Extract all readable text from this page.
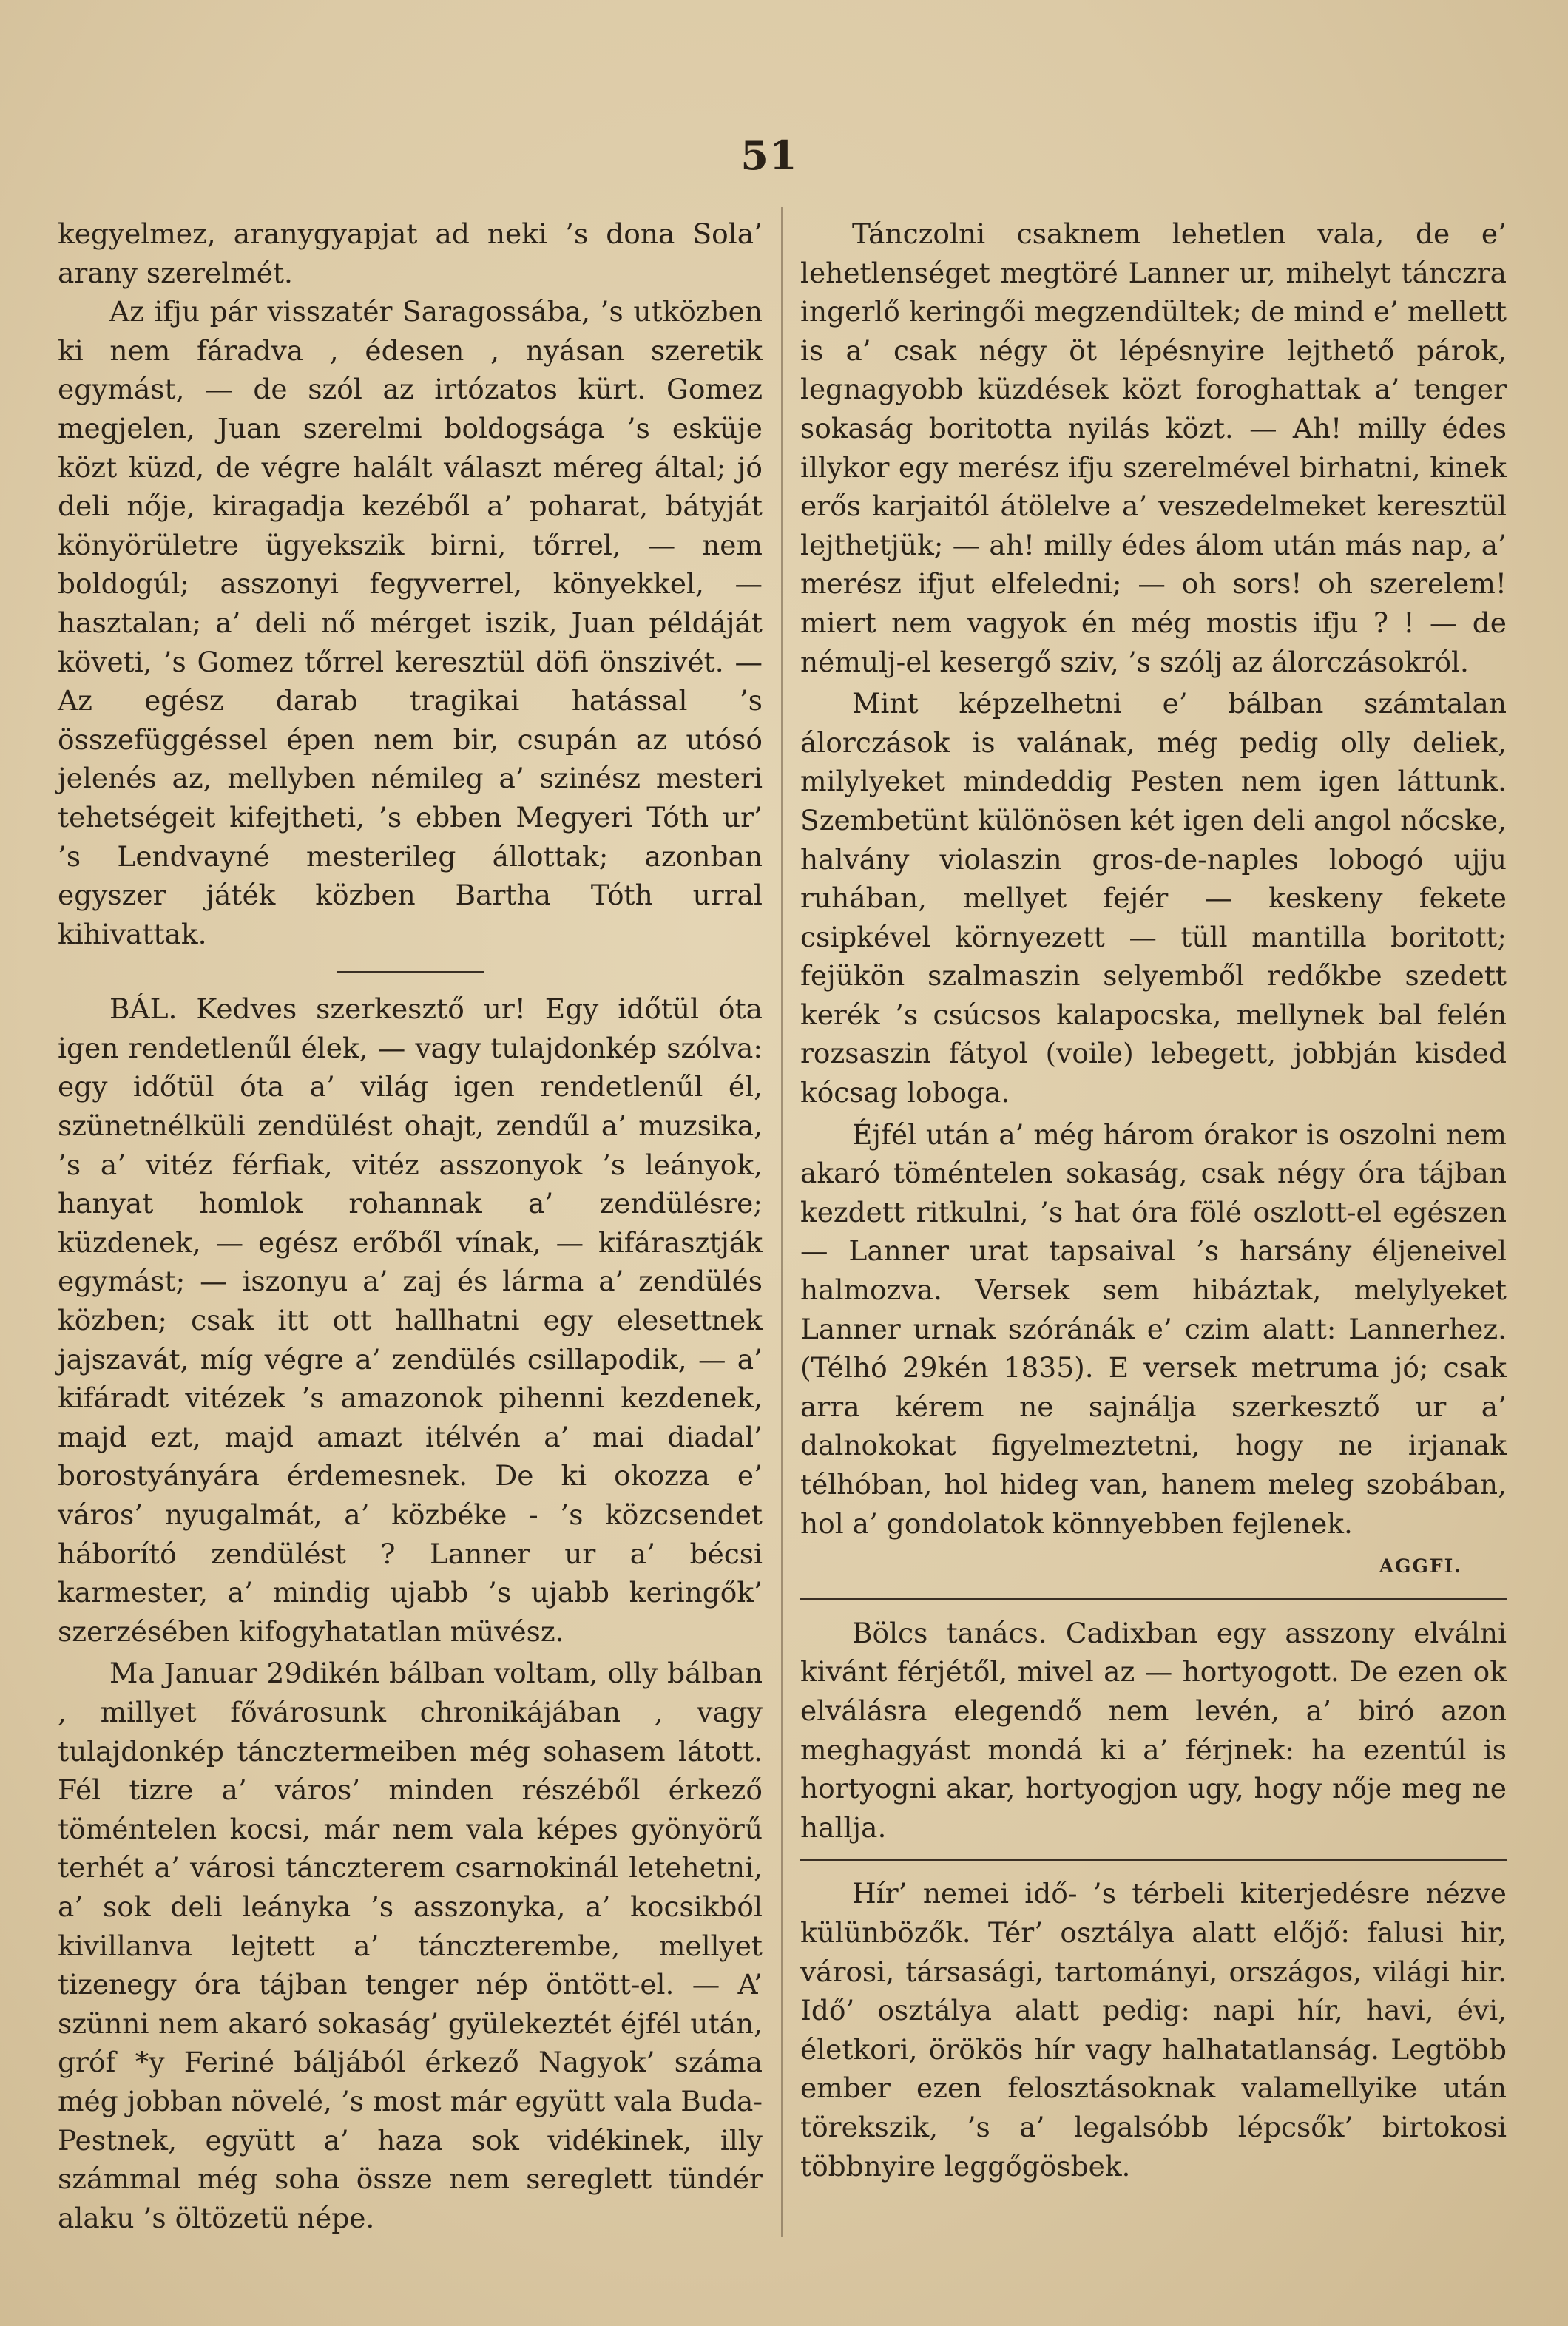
51

kegyelmez, aranygyapjat ad neki ’s dona Sola’ arany szerelmét.

Az ifju pár visszatér Saragossába, ’s utközben ki nem fáradva , édesen , nyásan szeretik egymást, — de szól az irtózatos kürt. Gomez megjelen, Juan szerelmi boldogsága ’s esküje közt küzd, de végre halált választ méreg által; jó deli nője, kiragadja kezéből a’ poharat, bátyját könyörületre ügyekszik birni, tőrrel, — nem boldogúl; asszonyi fegyverrel, könyekkel, — hasztalan; a’ deli nő mérget iszik, Juan példáját követi, ’s Gomez tőrrel keresztül döfi önszivét. — Az egész darab tragikai hatással ’s összefüggéssel épen nem bir, csupán az utósó jelenés az, mellyben némileg a’ szinész mesteri tehetségeit kifejtheti, ’s ebben Megyeri Tóth ur’ ’s Lendvayné mesterileg állottak; azonban egyszer játék közben Bartha Tóth urral kihivattak.

BÁL. Kedves szerkesztő ur! Egy időtül óta igen rendetlenűl élek, — vagy tulajdonkép szólva: egy időtül óta a’ világ igen rendetlenűl él, szünetnélküli zendülést ohajt, zendűl a’ muzsika, ’s a’ vitéz férfiak, vitéz asszonyok ’s leányok, hanyat homlok rohannak a’ zendülésre; küzdenek, — egész erőből vínak, — kifárasztják egymást; — iszonyu a’ zaj és lárma a’ zendülés közben; csak itt ott hallhatni egy elesettnek jajszavát, míg végre a’ zendülés csillapodik, — a’ kifáradt vitézek ’s amazonok pihenni kezdenek, majd ezt, majd amazt itélvén a’ mai diadal’ borostyányára érdemesnek. De ki okozza e’ város’ nyugalmát, a’ közbéke - ’s közcsendet háborító zendülést ? Lanner ur a’ bécsi karmester, a’ mindig ujabb ’s ujabb keringők’ szerzésében kifogyhatatlan müvész.

Ma Januar 29dikén bálban voltam, olly bálban , millyet fővárosunk chronikájában , vagy tulajdonkép táncztermeiben még sohasem látott. Fél tizre a’ város’ minden részéből érkező töméntelen kocsi, már nem vala képes gyönyörű terhét a’ városi tánczterem csarnokinál letehetni, a’ sok deli leányka ’s asszonyka, a’ kocsikból kivillanva lejtett a’ tánczterembe, mellyet tizenegy óra tájban tenger nép öntött-el. — A’ szünni nem akaró sokaság’ gyülekeztét éjfél után, gróf *y Feriné báljából érkező Nagyok’ száma még jobban növelé, ’s most már együtt vala Buda-Pestnek, együtt a’ haza sok vidékinek, illy számmal még soha össze nem sereglett tündér alaku ’s öltözetü népe.

Tánczolni csaknem lehetlen vala, de e’ lehetlenséget megtöré Lanner ur, mihelyt tánczra ingerlő keringői megzendültek; de mind e’ mellett is a’ csak négy öt lépésnyire lejthető párok, legnagyobb küzdések közt foroghattak a’ tenger sokaság boritotta nyilás közt. — Ah! milly édes illykor egy merész ifju szerelmével birhatni, kinek erős karjaitól átölelve a’ veszedelmeket keresztül lejthetjük; — ah! milly édes álom után más nap, a’ merész ifjut elfeledni; — oh sors! oh szerelem! miert nem vagyok én még mostis ifju ? ! — de némulj-el kesergő sziv, ’s szólj az álorczásokról.

Mint képzelhetni e’ bálban számtalan álorczások is valának, még pedig olly deliek, milylyeket mindeddig Pesten nem igen láttunk. Szembetünt különösen két igen deli angol nőcske, halvány violaszin gros-de-naples lobogó ujju ruhában, mellyet fejér — keskeny fekete csipkével környezett — tüll mantilla boritott; fejükön szalmaszin selyemből redőkbe szedett kerék ’s csúcsos kalapocska, mellynek bal felén rozsaszin fátyol (voile) lebegett, jobbján kisded kócsag loboga.

Éjfél után a’ még három órakor is oszolni nem akaró töméntelen sokaság, csak négy óra tájban kezdett ritkulni, ’s hat óra fölé oszlott-el egészen — Lanner urat tapsaival ’s harsány éljeneivel halmozva. Versek sem hibáztak, melylyeket Lanner urnak szóránák e’ czim alatt: Lannerhez. (Télhó 29kén 1835). E versek metruma jó; csak arra kérem ne sajnálja szerkesztő ur a’ dalnokokat figyelmeztetni, hogy ne irjanak télhóban, hol hideg van, hanem meleg szobában, hol a’ gondolatok könnyebben fejlenek.

AGGFI.

Bölcs tanács. Cadixban egy asszony elválni kivánt férjétől, mivel az — hortyogott. De ezen ok elválásra elegendő nem levén, a’ biró azon meghagyást mondá ki a’ férjnek: ha ezentúl is hortyogni akar, hortyogjon ugy, hogy nője meg ne hallja.

Hír’ nemei idő- ’s térbeli kiterjedésre nézve külünbözők. Tér’ osztálya alatt előjő: falusi hir, városi, társasági, tartományi, országos, világi hir. Idő’ osztálya alatt pedig: napi hír, havi, évi, életkori, örökös hír vagy halhatatlanság. Legtöbb ember ezen felosztásoknak valamellyike után törekszik, ’s a’ legalsóbb lépcsők’ birtokosi többnyire leggőgösbek.
